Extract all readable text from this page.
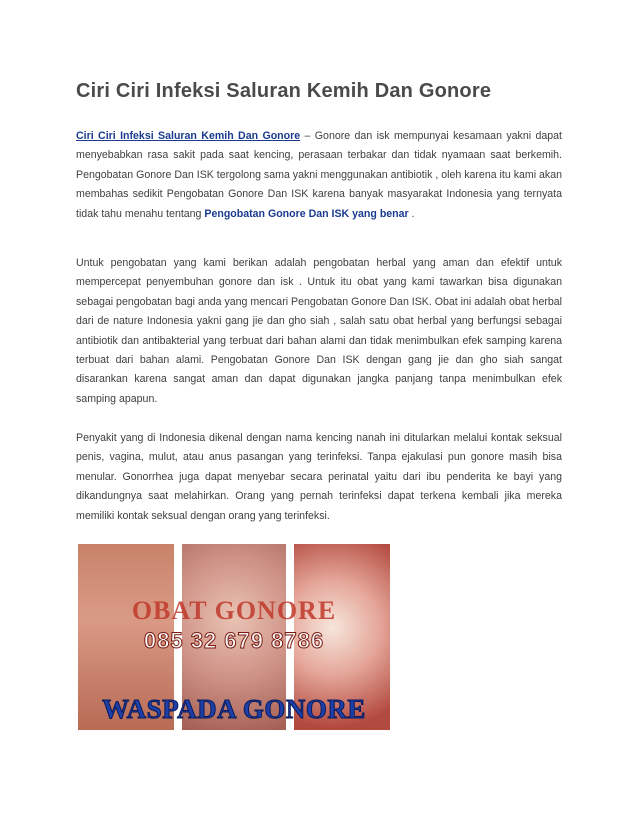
Ciri Ciri Infeksi Saluran Kemih Dan Gonore
Ciri Ciri Infeksi Saluran Kemih Dan Gonore – Gonore dan isk mempunyai kesamaan yakni dapat menyebabkan rasa sakit pada saat kencing, perasaan terbakar dan tidak nyamaan saat berkemih. Pengobatan Gonore Dan ISK tergolong sama yakni menggunakan antibiotik , oleh karena itu kami akan membahas sedikit Pengobatan Gonore Dan ISK karena banyak masyarakat Indonesia yang ternyata tidak tahu menahu tentang Pengobatan Gonore Dan ISK yang benar .
Untuk pengobatan yang kami berikan adalah pengobatan herbal yang aman dan efektif untuk mempercepat penyembuhan gonore dan isk . Untuk itu obat yang kami tawarkan bisa digunakan sebagai pengobatan bagi anda yang mencari Pengobatan Gonore Dan ISK. Obat ini adalah obat herbal dari de nature Indonesia yakni gang jie dan gho siah , salah satu obat herbal yang berfungsi sebagai antibiotik dan antibakterial yang terbuat dari bahan alami dan tidak menimbulkan efek samping karena terbuat dari bahan alami. Pengobatan Gonore Dan ISK dengan gang jie dan gho siah sangat disarankan karena sangat aman dan dapat digunakan jangka panjang tanpa menimbulkan efek samping apapun.
Penyakit yang di Indonesia dikenal dengan nama kencing nanah ini ditularkan melalui kontak seksual penis, vagina, mulut, atau anus pasangan yang terinfeksi. Tanpa ejakulasi pun gonore masih bisa menular. Gonorrhea juga dapat menyebar secara perinatal yaitu dari ibu penderita ke bayi yang dikandungnya saat melahirkan. Orang yang pernah terinfeksi dapat terkena kembali jika mereka memiliki kontak seksual dengan orang yang terinfeksi.
OBAT GONORE
085 32 679 8786
WASPADA GONORE
